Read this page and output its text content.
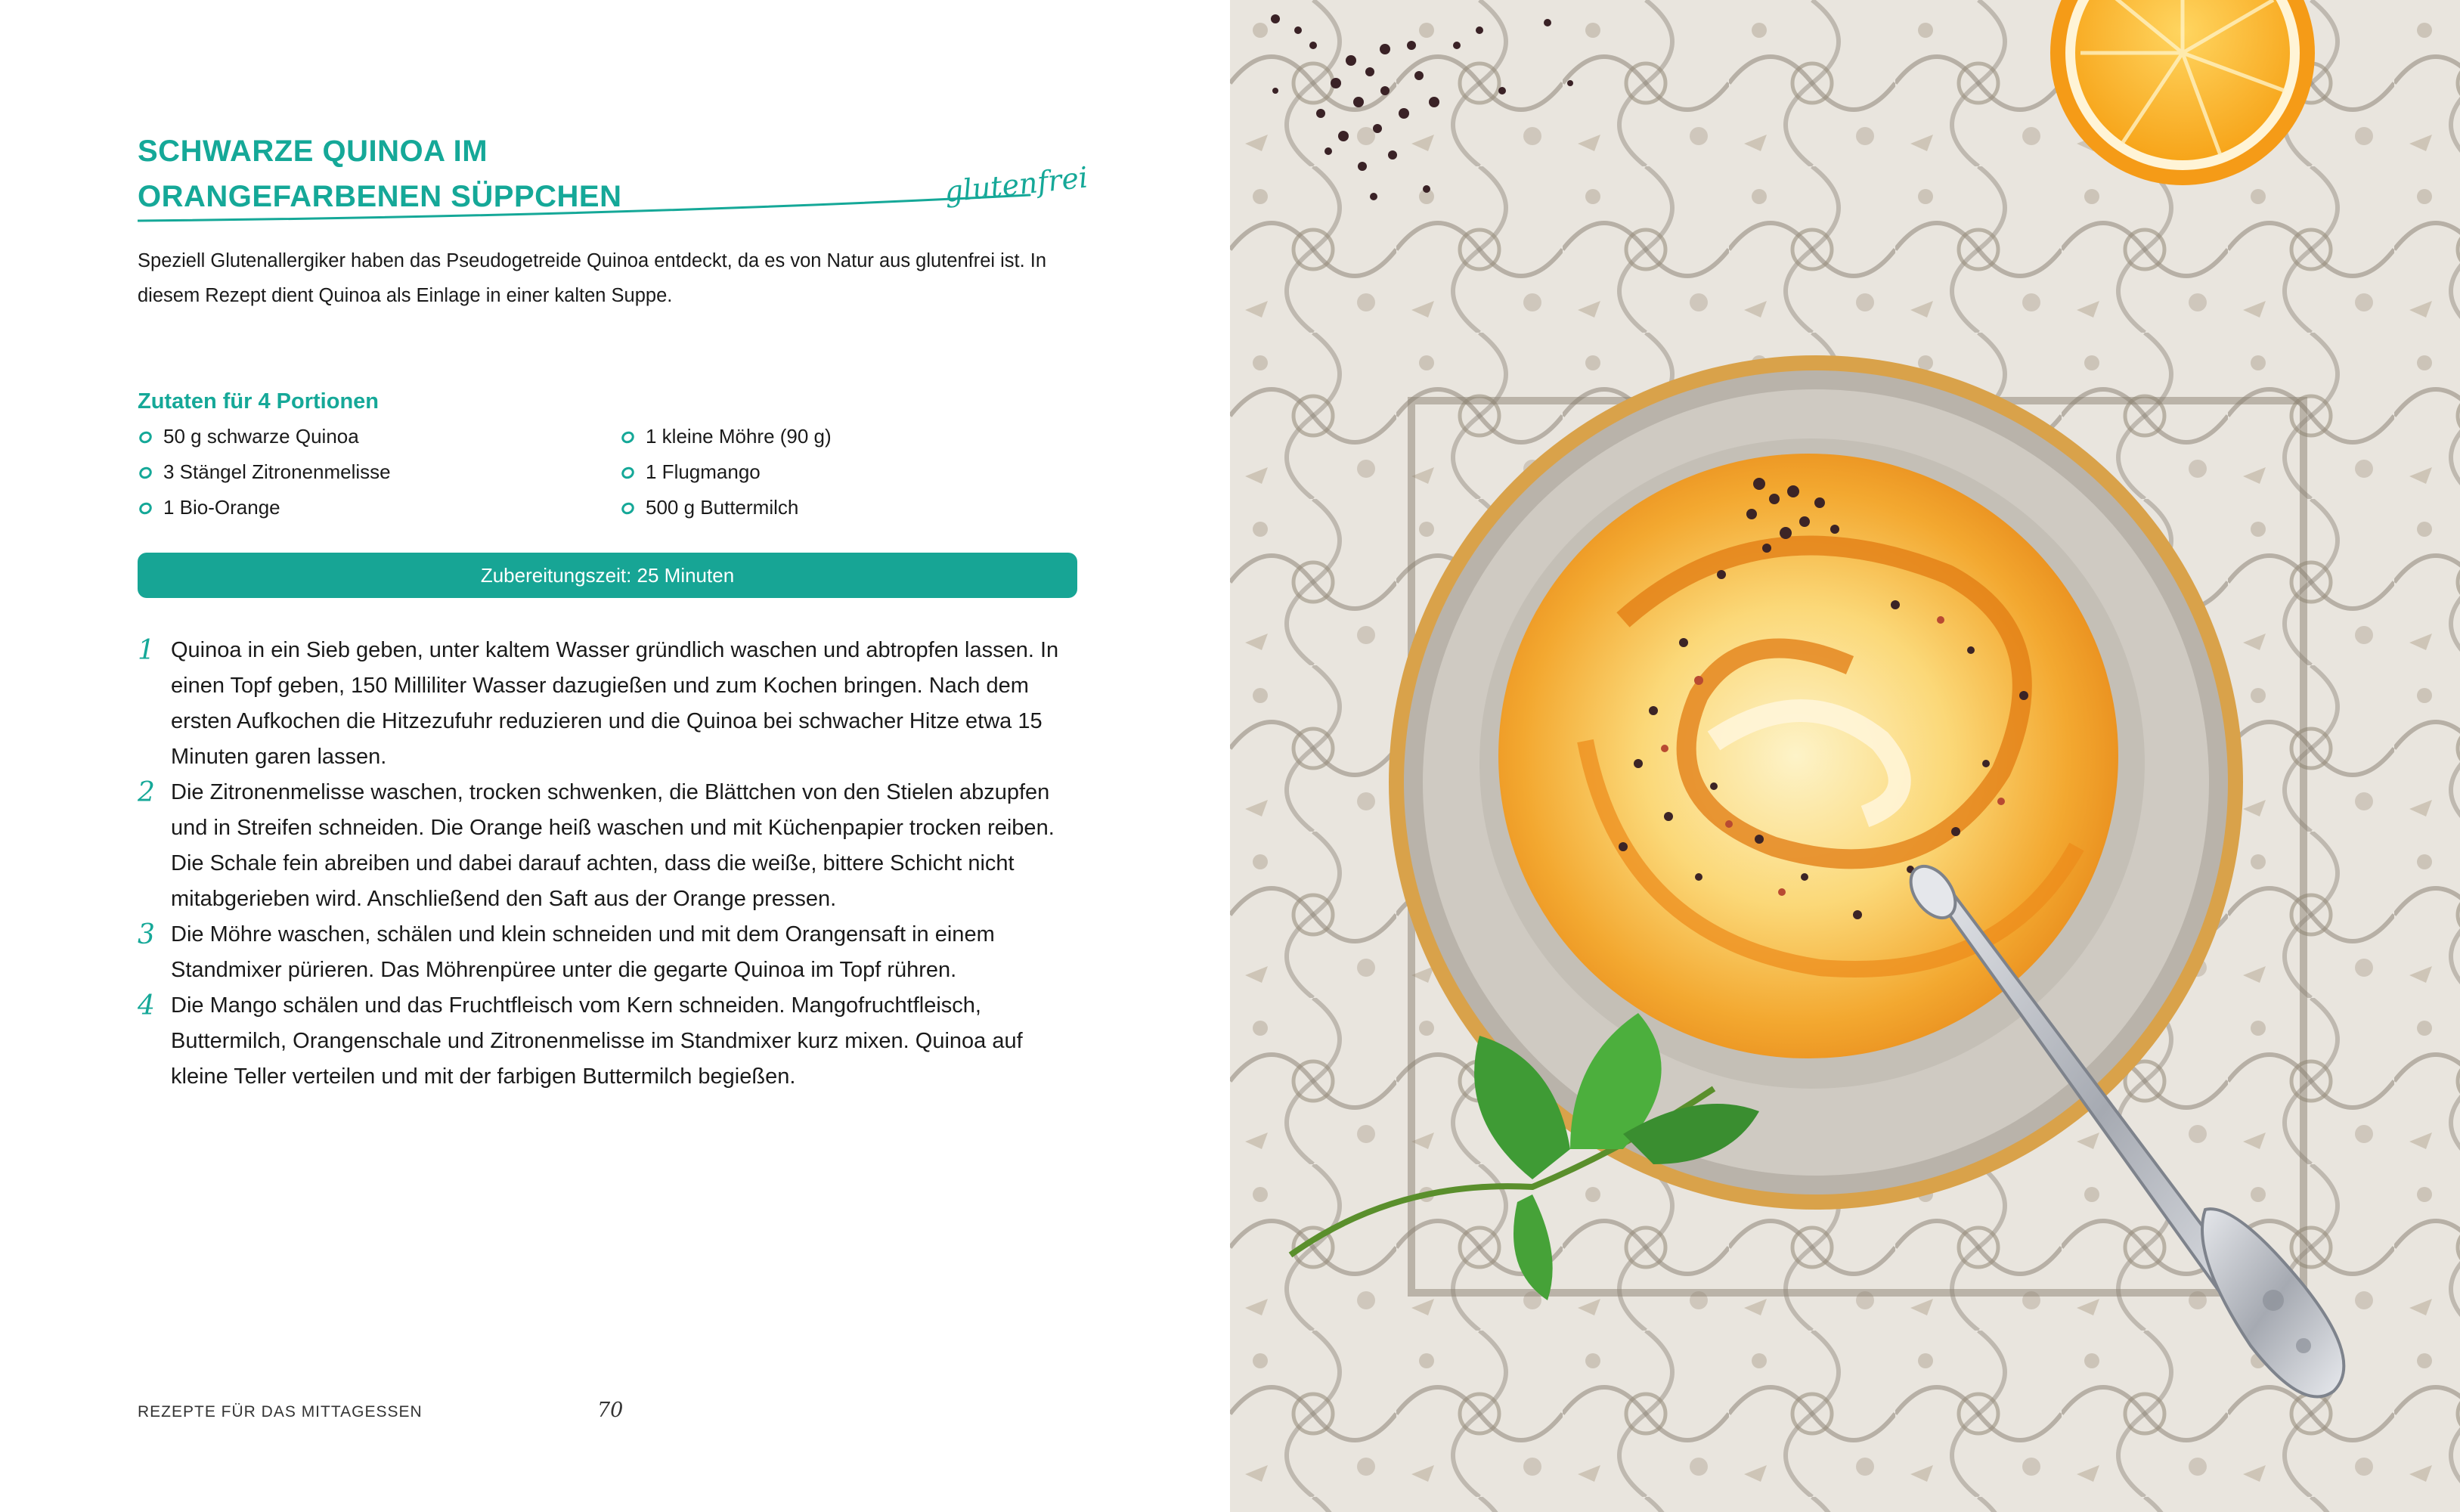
SCHWARZE QUINOA IM
ORANGEFARBENEN SÜPPCHEN	glutenfrei

Speziell Glutenallergiker haben das Pseudogetreide Quinoa entdeckt, da es von Natur aus glutenfrei ist. In diesem Rezept dient Quinoa als Einlage in einer kalten Suppe.

Zutaten für 4 Portionen
50 g schwarze Quinoa
3 Stängel Zitronenmelisse
1 Bio-Orange
1 kleine Möhre (90 g)
1 Flugmango
500 g Buttermilch
Zubereitungszeit: 25 Minuten
1 Quinoa in ein Sieb geben, unter kaltem Wasser gründlich waschen und abtropfen lassen. In einen Topf geben, 150 Milliliter Wasser dazugießen und zum Kochen bringen. Nach dem ersten Aufkochen die Hitzezufuhr reduzieren und die Quinoa bei schwacher Hitze etwa 15 Minuten garen lassen.
2 Die Zitronenmelisse waschen, trocken schwenken, die Blättchen von den Stielen abzupfen und in Streifen schneiden. Die Orange heiß waschen und mit Küchenpapier trocken reiben. Die Schale fein abreiben und dabei darauf achten, dass die weiße, bittere Schicht nicht mitabgerieben wird. Anschließend den Saft aus der Orange pressen.
3 Die Möhre waschen, schälen und klein schneiden und mit dem Orangensaft in einem Standmixer pürieren. Das Möhrenpüree unter die gegarte Quinoa im Topf rühren.
4 Die Mango schälen und das Fruchtfleisch vom Kern schneiden. Mangofruchtfleisch, Buttermilch, Orangenschale und Zitronenmelisse im Standmixer kurz mixen. Quinoa auf kleine Teller verteilen und mit der farbigen Buttermilch begießen.
REZEPTE FÜR DAS MITTAGESSEN	70
